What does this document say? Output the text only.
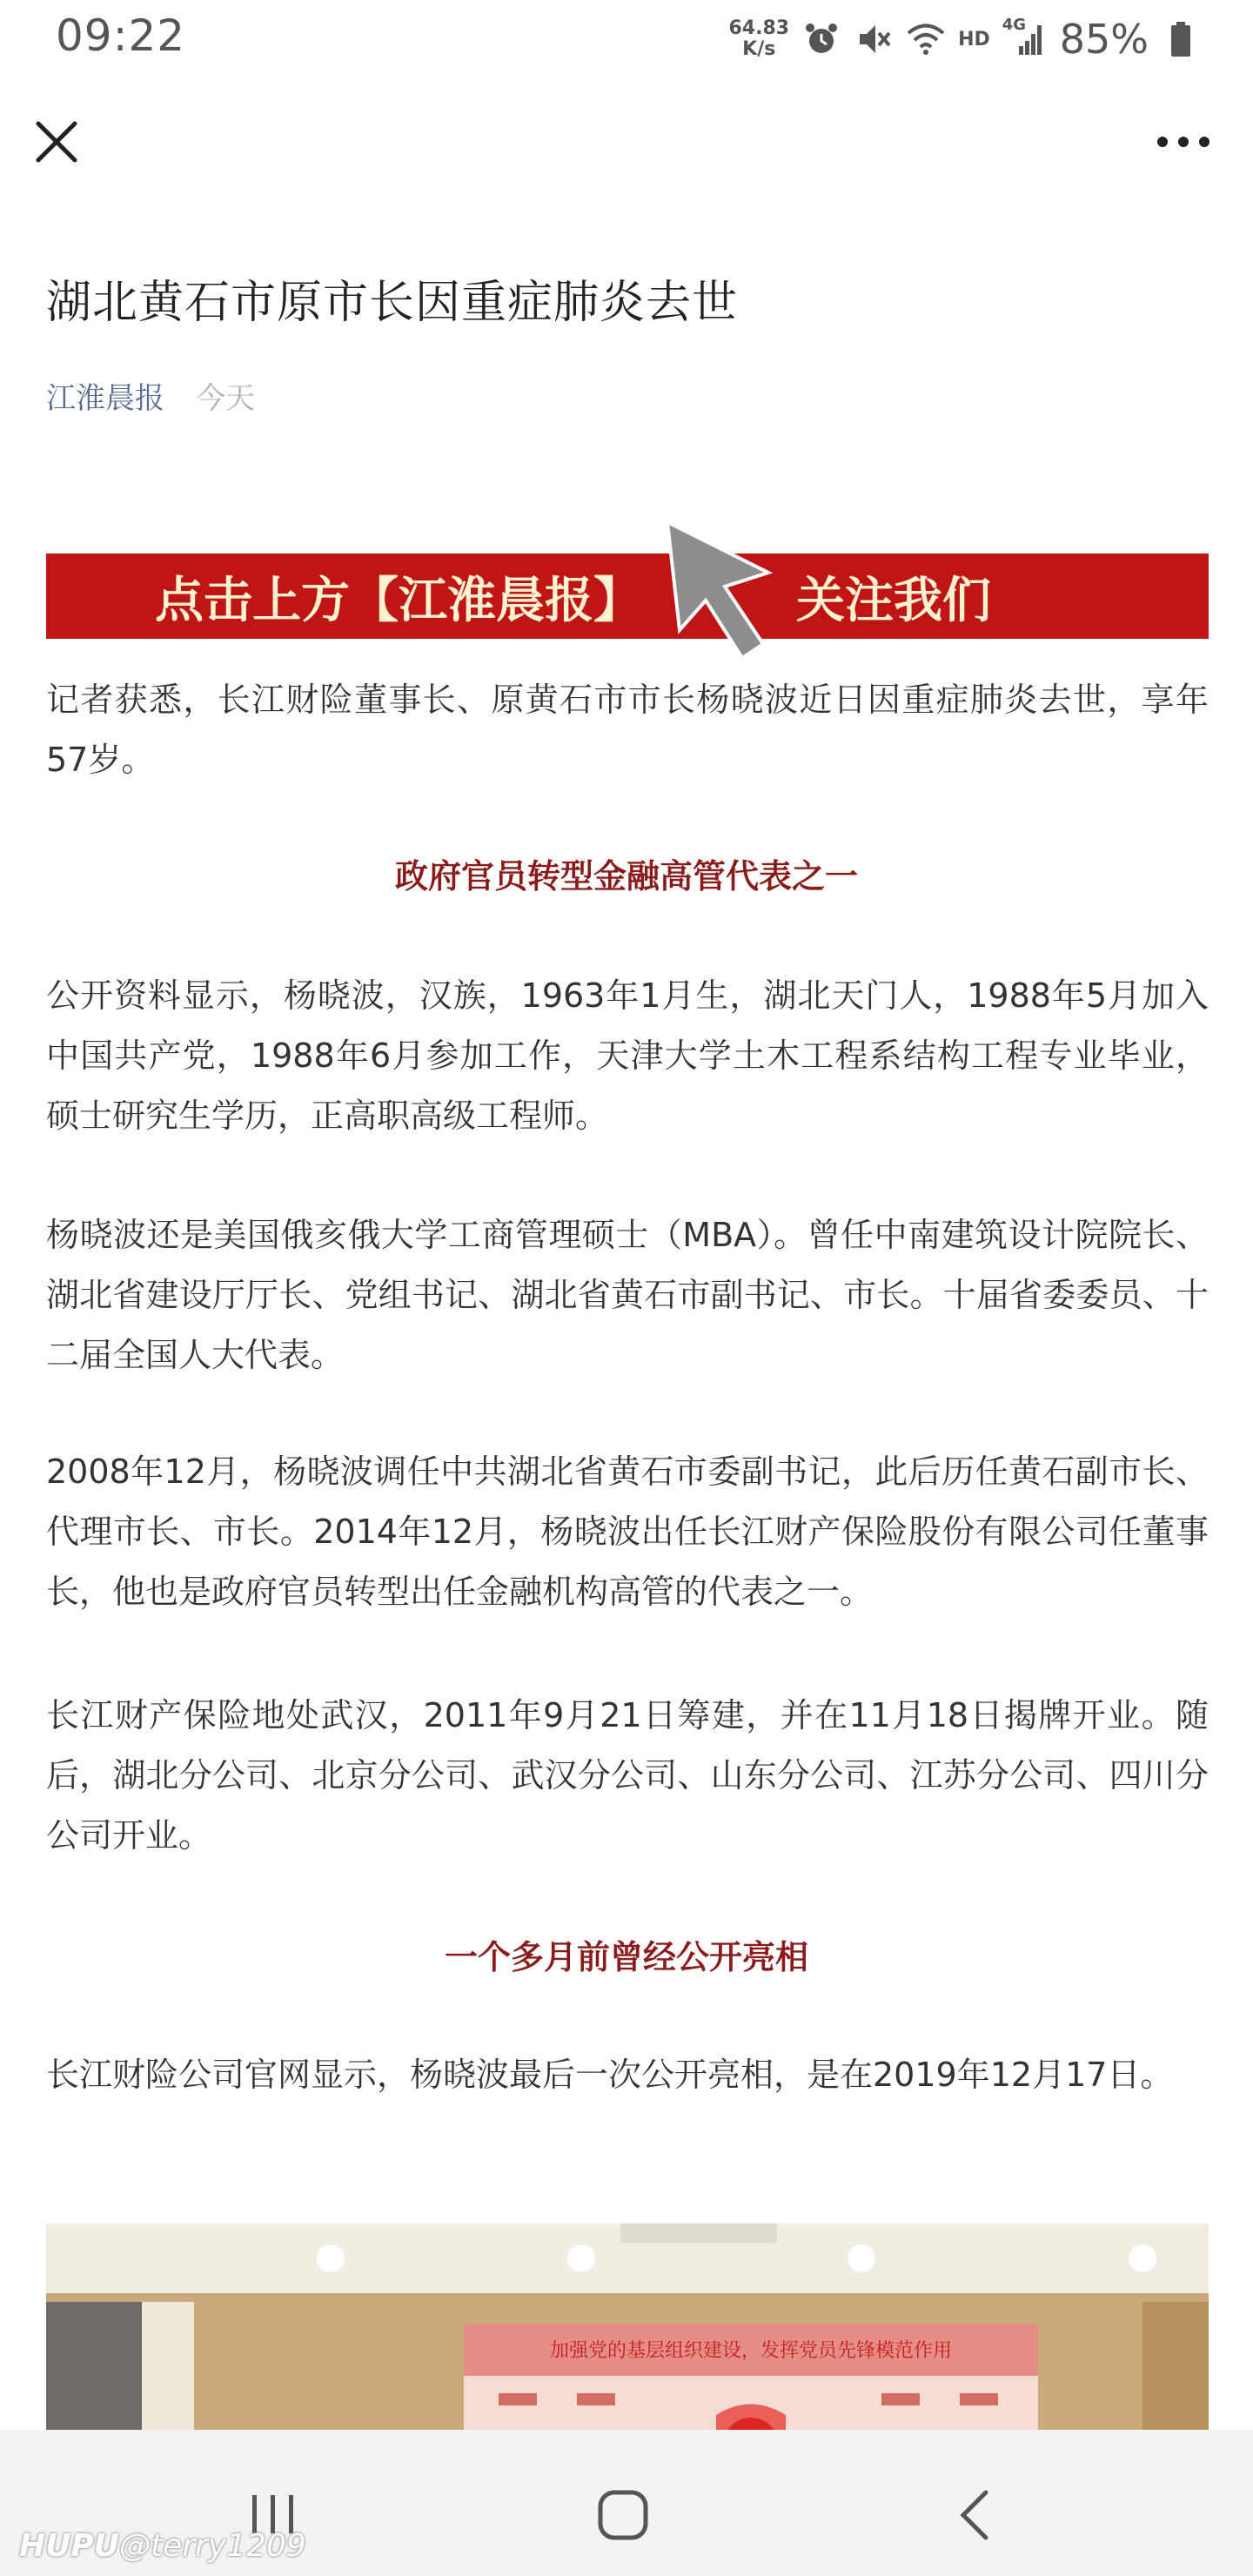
09:22	64.83
K/s	HD
4G 85%
湖北黄石市原市长因重症肺炎去世
江淮晨报 今天
点击上方【江淮晨报】	关注我们

记者获悉，长江财险董事长、原黄石市市长杨晓波近日因重症肺炎去世，享年57岁。

政府官员转型金融高管代表之一

公开资料显示，杨晓波，汉族，1963年1月生，湖北天门人，1988年5月加入中国共产党，1988年6月参加工作，天津大学土木工程系结构工程专业毕业，硕士研究生学历，正高职高级工程师。

杨晓波还是美国俄亥俄大学工商管理硕士（MBA）。曾任中南建筑设计院院长、湖北省建设厅厅长、党组书记、湖北省黄石市副书记、市长。十届省委委员、十二届全国人大代表。

2008年12月，杨晓波调任中共湖北省黄石市委副书记，此后历任黄石副市长、代理市长、市长。2014年12月，杨晓波出任长江财产保险股份有限公司任董事长，他也是政府官员转型出任金融机构高管的代表之一。

长江财产保险地处武汉，2011年9月21日筹建，并在11月18日揭牌开业。随后，湖北分公司、北京分公司、武汉分公司、山东分公司、江苏分公司、四川分公司开业。

一个多月前曾经公开亮相

长江财险公司官网显示，杨晓波最后一次公开亮相，是在2019年12月17日。

加强党的基层组织建设，发挥党员先锋模范作用
HUPU@terry1209
